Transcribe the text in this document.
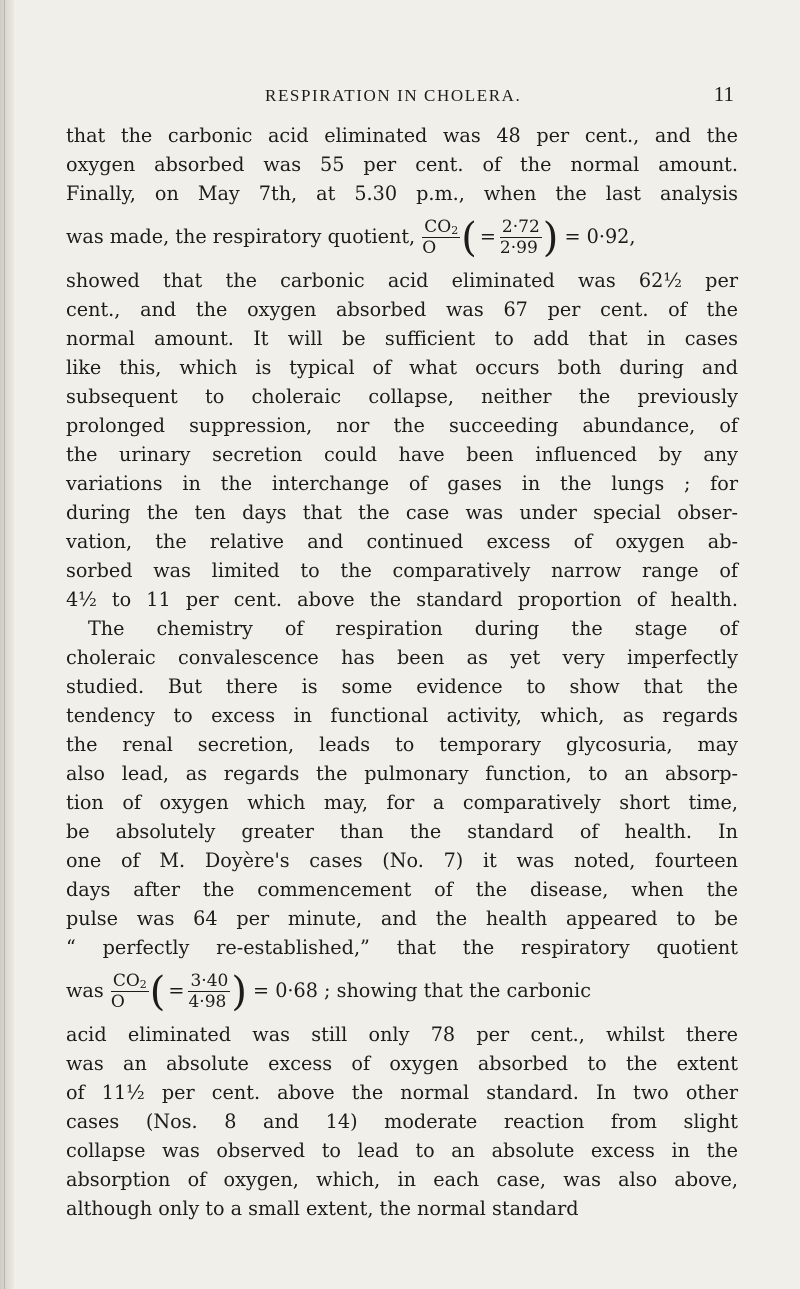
RESPIRATION IN CHOLERA.	11
that the carbonic acid eliminated was 48 per cent., and the
oxygen absorbed was 55 per cent. of the normal amount.
Finally, on May 7th, at 5.30 p.m., when the last analysis
was made, the respiratory quotient, $\frac{CO_2}{O}$ ( = $\frac{2\cdot 72}{2\cdot 99}$ ) = 0·92,
showed that the carbonic acid eliminated was 62½ per
cent., and the oxygen absorbed was 67 per cent. of the
normal amount. It will be sufficient to add that in cases
like this, which is typical of what occurs both during and
subsequent to choleraic collapse, neither the previously
prolonged suppression, nor the succeeding abundance, of
the urinary secretion could have been influenced by any
variations in the interchange of gases in the lungs ; for
during the ten days that the case was under special obser-
vation, the relative and continued excess of oxygen ab-
sorbed was limited to the comparatively narrow range of
4½ to 11 per cent. above the standard proportion of health.
The chemistry of respiration during the stage of
choleraic convalescence has been as yet very imperfectly
studied. But there is some evidence to show that the
tendency to excess in functional activity, which, as regards
the renal secretion, leads to temporary glycosuria, may
also lead, as regards the pulmonary function, to an absorp-
tion of oxygen which may, for a comparatively short time,
be absolutely greater than the standard of health. In
one of M. Doyère's cases (No. 7) it was noted, fourteen
days after the commencement of the disease, when the
pulse was 64 per minute, and the health appeared to be
“ perfectly re-established,” that the respiratory quotient
was $\frac{CO_2}{O}$ ( = $\frac{3\cdot 40}{4\cdot 98}$ ) = 0·68 ; showing that the carbonic
acid eliminated was still only 78 per cent., whilst there
was an absolute excess of oxygen absorbed to the extent
of 11½ per cent. above the normal standard. In two other
cases (Nos. 8 and 14) moderate reaction from slight
collapse was observed to lead to an absolute excess in the
absorption of oxygen, which, in each case, was also above,
although only to a small extent, the normal standard
